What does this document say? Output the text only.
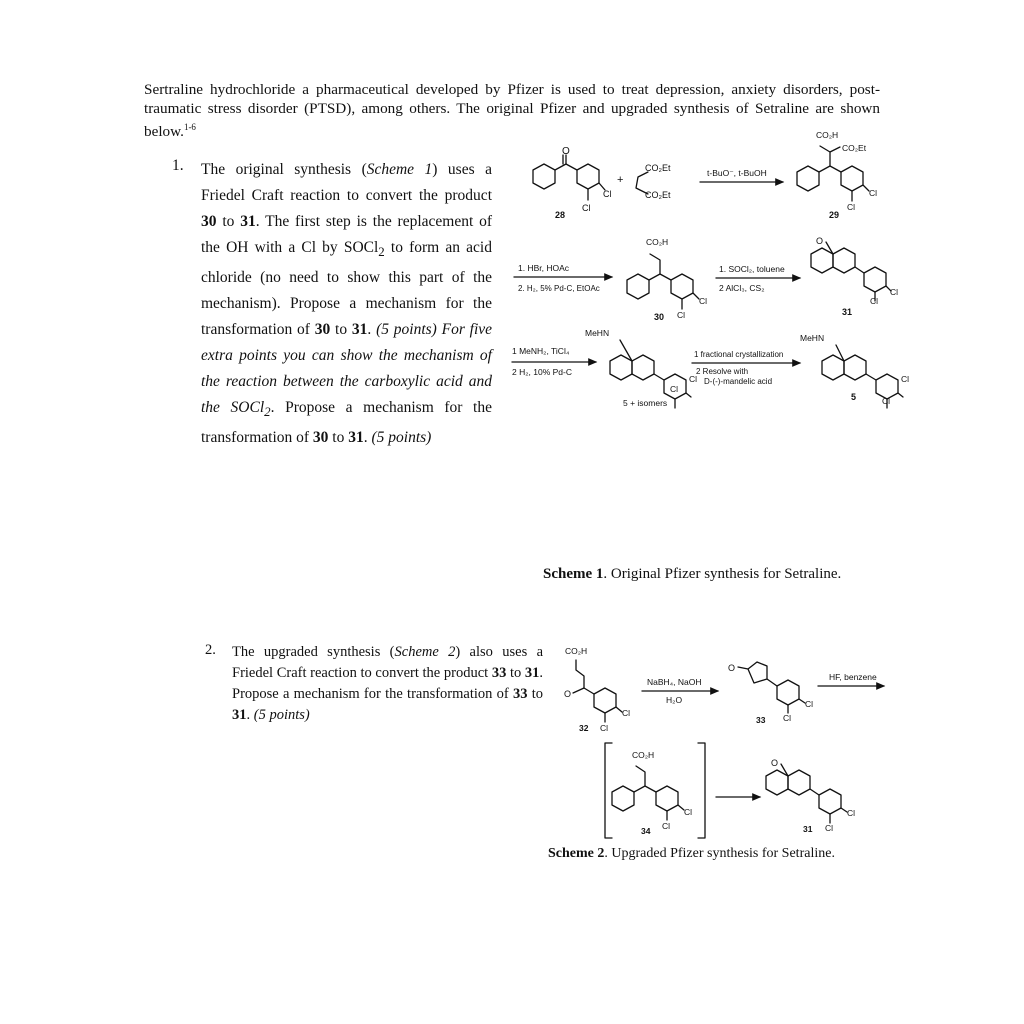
Sertraline hydrochloride a pharmaceutical developed by Pfizer is used to treat depression, anxiety disorders, post-traumatic stress disorder (PTSD), among others. The original Pfizer and upgraded synthesis of Setraline are shown below.$^{1-6}$
1. The original synthesis (Scheme 1) uses a Friedel Craft reaction to convert the product 30 to 31. The first step is the replacement of the OH with a Cl by SOCl$_2$ to form an acid chloride (no need to show this part of the mechanism). Propose a mechanism for the transformation of 30 to 31. (5 points) For five extra points you can show the mechanism of the reaction between the carboxylic acid and the SOCl$_2$. Propose a mechanism for the transformation of 30 to 31. (5 points)
2. The upgraded synthesis (Scheme 2) also uses a Friedel Craft reaction to convert the product 33 to 31. Propose a mechanism for the transformation of 33 to 31. (5 points)
Scheme 1. Original Pfizer synthesis for Setraline.
Scheme 2. Upgraded Pfizer synthesis for Setraline.
O
Cl
Cl
28
+
CO₂Et
CO₂Et
t-BuO⁻, t-BuOH
CO₂H
CO₂Et
Cl
Cl
29
1. HBr, HOAc
2. H₂, 5% Pd-C, EtOAc
CO₂H
Cl
Cl
30
1. SOCl₂, toluene
2 AlCl₃, CS₂
O
Cl
Cl
31
1 MeNH₂, TiCl₄
2 H₂, 10% Pd-C
MeHN
Cl
Cl
5 + isomers
1 fractional crystallization
2 Resolve with
D-(-)-mandelic acid
MeHN
Cl
Cl
5
CO₂H
O
Cl
Cl
32
NaBH₄, NaOH
H₂O
O
Cl
Cl
33
HF, benzene
CO₂H
Cl
Cl
34
O
Cl
Cl
31
